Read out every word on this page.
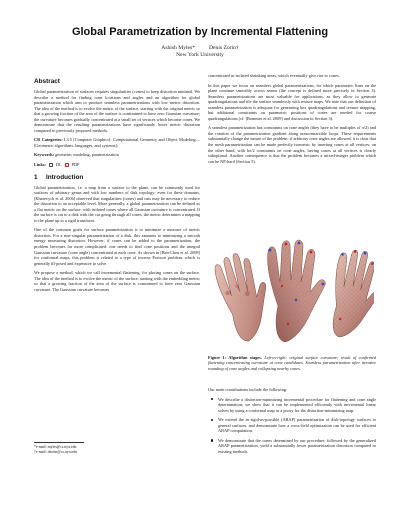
Global Parametrization by Incremental Flattening
Ashish Myles*	Denis Zorin†
New York University
Abstract

Global parametrization of surfaces requires singularities (cones) to keep distortion minimal. We describe a method for finding cone locations and angles and an algorithm for global parametrization which aim to produce seamless parametrizations with low metric distortion. The idea of the method is to evolve the metric of the surface, starting with the original metric so that a growing fraction of the area of the surface is constrained to have zero Gaussian curvature; the curvature becomes gradually concentrated at a small set of vertices which become cones. We demonstrate that the resulting parametrizations have significantly lower metric distortion compared to previously proposed methods.

CR Categories: I.3.5 [Computer Graphics]: Computational Geometry and Object Modeling—[Geometric algorithms, languages, and systems];

Keywords: geometric modeling, parametrization

Links: DL PDF
1 Introduction

Global parametrization, i.e. a map from a surface to the plane, can be commonly used for surfaces of arbitrary genus and with low numbers of disk topology; even for these domains, [Kharevych et al. 2006] observed that singularities (cones) and cuts may be necessary to reduce the distortion to an acceptable level. More generally, a global parametrization can be defined as a flat metric on the surface, with isolated cones where all Gaussian curvature is concentrated. If the surface is cut to a disk with the cut going through all cones, the metric determines a mapping to the plane up to a rigid transform.

One of the common goals for surface parametrization is to minimize a measure of metric distortion. For a non-singular parametrization of a disk, this amounts to minimizing a smooth energy measuring distortion. However, if cones can be added to the parametrization, the problem becomes far more complicated: one needs to find cone positions and the integral Gaussian curvature (cone angle) concentrated at each cone. As shown in [Ben-Chen et al. 2008] for conformal maps, this problem is related to a type of inverse Poisson problem, which is generally ill-posed and expensive to solve.

We propose a method, which we call incremental flattening, for placing cones on the surface. The idea of the method is to evolve the metric of the surface, starting with the embedding metric so that a growing fraction of the area of the surface is constrained to have zero Gaussian curvature. The Gaussian curvature becomes

*e-mail: myles@cs.nyu.edu
†e-mail: dzorin@cs.nyu.edu

concentrated in isolated shrinking areas, which eventually give rise to cones.

In this paper we focus on seamless global parametrizations, for which parametric lines on the plane continue smoothly across seams (the concept is defined more precisely in Section 3). Seamless parametrizations are most valuable for applications, as they allow to generate quadrangulations and tile the surface seamlessly with texture maps. We note that our definition of seamless parametrization is adequate for generating hex quadrangulations and texture mapping, but additional constraints on parametric positions of cones are needed for coarse quadrangulations (cf. [Bommes et al. 2009] and discussion in Section 3).

A seamless parametrization has constraints on cone angles (they have to be multiples of π/2) and the rotation of the parametrization gradient along noncontractible loops. These requirements substantially change the nature of the problem: if arbitrary cone angles are allowed, it is clear that the mesh parametrization can be made perfectly isometric by inserting cones at all vertices; on the other hand, with kπ/2 constraints on cone angles, having cones at all vertices is clearly suboptimal. Another consequence is that the problem becomes a mixed-integer problem which can be NP-hard (Section 5).

Figure 1: Algorithm stages. Left-to-right: original surface curvature; result of confirmed flattening concentrating curvature at cone candidates. Seamless parametrization after iterative rounding of cone angles and collapsing nearby cones.
Our main contributions include the following:
We describe a distortion-minimizing incremental procedure for flattening and cone angle determination; we show that it can be implemented efficiently with incremental linear solves by using a conformal map as a proxy for the distortion-minimizing map.
We extend the as-rigid-as-possible (ARAP) parametrization of disk-topology surfaces to general surfaces, and demonstrate how a cross-field optimization can be used for efficient ARAP computation.
We demonstrate that the cones determined by our procedure, followed by the generalized ARAP parametrization, yield a substantially lower parametrization distortion compared to existing methods.
